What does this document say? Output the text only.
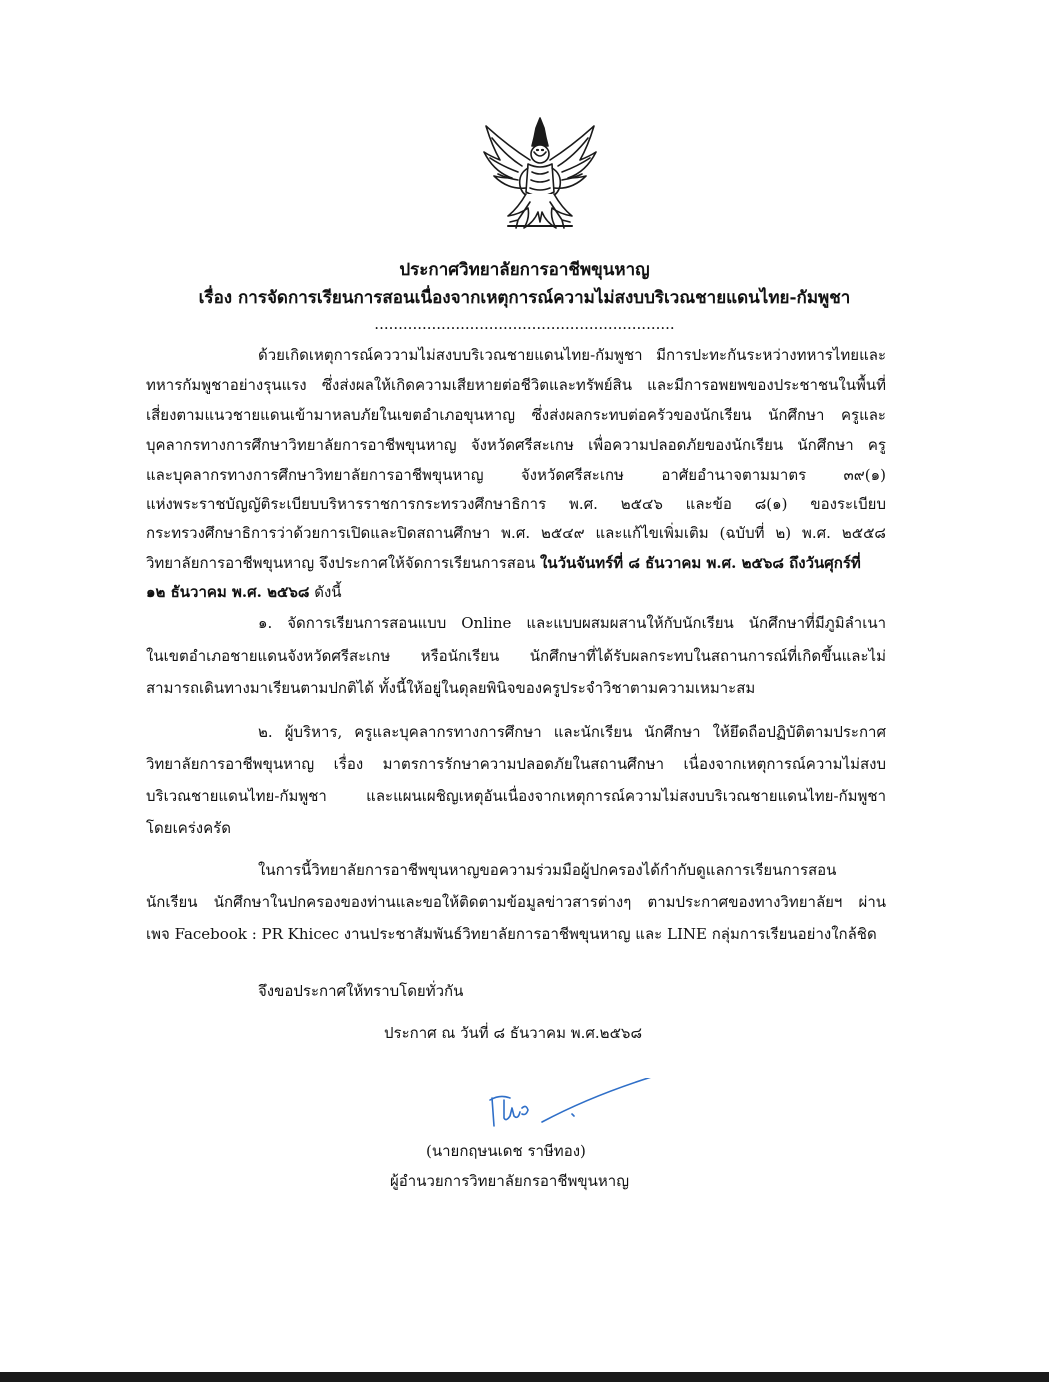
ประกาศวิทยาลัยการอาชีพขุนหาญ
เรื่อง การจัดการเรียนการสอนเนื่องจากเหตุการณ์ความไม่สงบบริเวณชายแดนไทย-กัมพูชา
...............................................................
ด้วยเกิดเหตุการณ์คววามไม่สงบบริเวณชายแดนไทย-กัมพูชา มีการปะทะกันระหว่างทหารไทยและ
ทหารกัมพูชาอย่างรุนแรง ซึ่งส่งผลให้เกิดความเสียหายต่อชีวิตและทรัพย์สิน และมีการอพยพของประชาชนในพื้นที่
เสี่ยงตามแนวชายแดนเข้ามาหลบภัยในเขตอำเภอขุนหาญ ซึ่งส่งผลกระทบต่อครัวของนักเรียน นักศึกษา ครูและ
บุคลากรทางการศึกษาวิทยาลัยการอาชีพขุนหาญ จังหวัดศรีสะเกษ เพื่อความปลอดภัยของนักเรียน นักศึกษา ครู
และบุคลากรทางการศึกษาวิทยาลัยการอาชีพขุนหาญ จังหวัดศรีสะเกษ อาศัยอำนาจตามมาตร ๓๙(๑)
แห่งพระราชบัญญัติระเบียบบริหารราชการกระทรวงศึกษาธิการ พ.ศ. ๒๕๔๖ และข้อ ๘(๑) ของระเบียบ
กระทรวงศึกษาธิการว่าด้วยการเปิดและปิดสถานศึกษา พ.ศ. ๒๕๔๙ และแก้ไขเพิ่มเติม (ฉบับที่ ๒) พ.ศ. ๒๕๕๘
วิทยาลัยการอาชีพขุนหาญ จึงประกาศให้จัดการเรียนการสอน ในวันจันทร์ที่ ๘ ธันวาคม พ.ศ. ๒๕๖๘ ถึงวันศุกร์ที่
๑๒ ธันวาคม พ.ศ. ๒๕๖๘ ดังนี้
๑. จัดการเรียนการสอนแบบ Online และแบบผสมผสานให้กับนักเรียน นักศึกษาที่มีภูมิลำเนา
ในเขตอำเภอชายแดนจังหวัดศรีสะเกษ หรือนักเรียน นักศึกษาที่ได้รับผลกระทบในสถานการณ์ที่เกิดขึ้นและไม่
สามารถเดินทางมาเรียนตามปกติได้ ทั้งนี้ให้อยู่ในดุลยพินิจของครูประจำวิชาตามความเหมาะสม
๒. ผู้บริหาร, ครูและบุคลากรทางการศึกษา และนักเรียน นักศึกษา ให้ยึดถือปฏิบัติตามประกาศ
วิทยาลัยการอาชีพขุนหาญ เรื่อง มาตรการรักษาความปลอดภัยในสถานศึกษา เนื่องจากเหตุการณ์ความไม่สงบ
บริเวณชายแดนไทย-กัมพูชา และแผนเผชิญเหตุอันเนื่องจากเหตุการณ์ความไม่สงบบริเวณชายแดนไทย-กัมพูชา
โดยเคร่งครัด
ในการนี้วิทยาลัยการอาชีพขุนหาญขอความร่วมมือผู้ปกครองได้กำกับดูแลการเรียนการสอน
นักเรียน นักศึกษาในปกครองของท่านและขอให้ติดตามข้อมูลข่าวสารต่างๆ ตามประกาศของทางวิทยาลัยฯ ผ่าน
เพจ Facebook : PR Khicec งานประชาสัมพันธ์วิทยาลัยการอาชีพขุนหาญ และ LINE กลุ่มการเรียนอย่างใกล้ชิด
จึงขอประกาศให้ทราบโดยทั่วกัน
ประกาศ ณ วันที่ ๘ ธันวาคม พ.ศ.๒๕๖๘
(นายกฤษนเดช ราษีทอง)
ผู้อำนวยการวิทยาลัยกรอาชีพขุนหาญ
